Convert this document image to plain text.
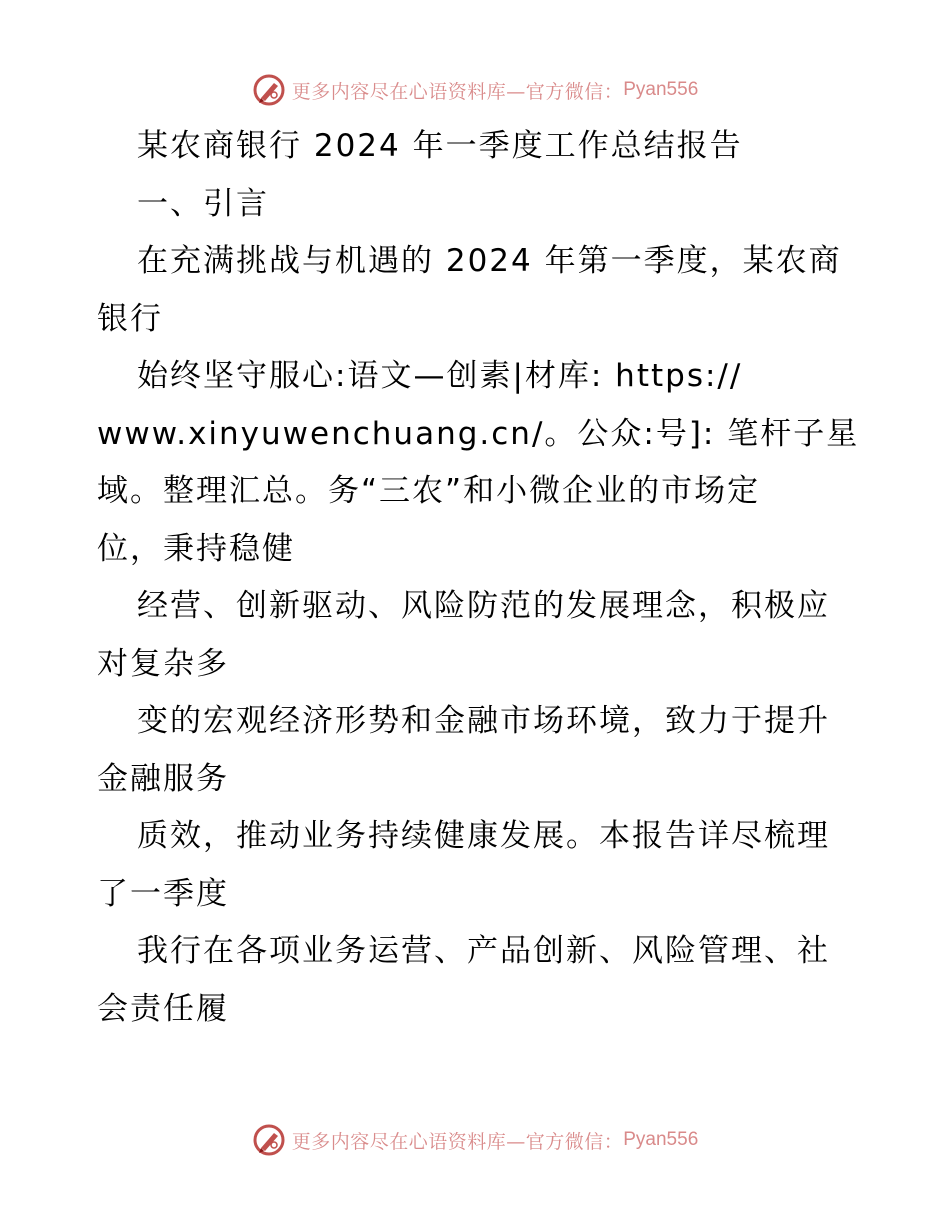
更多内容尽在心语资料库—官方微信： Pyan556
某农商银行 2024 年一季度工作总结报告
一、引言
在充满挑战与机遇的 2024 年第一季度，某农商
银行
始终坚守服心:语文—创素|材库: https://
www.xinyuwenchuang.cn/。公众:号]: 笔杆子星
域。整理汇总。务“三农”和小微企业的市场定
位，秉持稳健
经营、创新驱动、风险防范的发展理念，积极应
对复杂多
变的宏观经济形势和金融市场环境，致力于提升
金融服务
质效，推动业务持续健康发展。本报告详尽梳理
了一季度
我行在各项业务运营、产品创新、风险管理、社
会责任履
更多内容尽在心语资料库—官方微信： Pyan556
